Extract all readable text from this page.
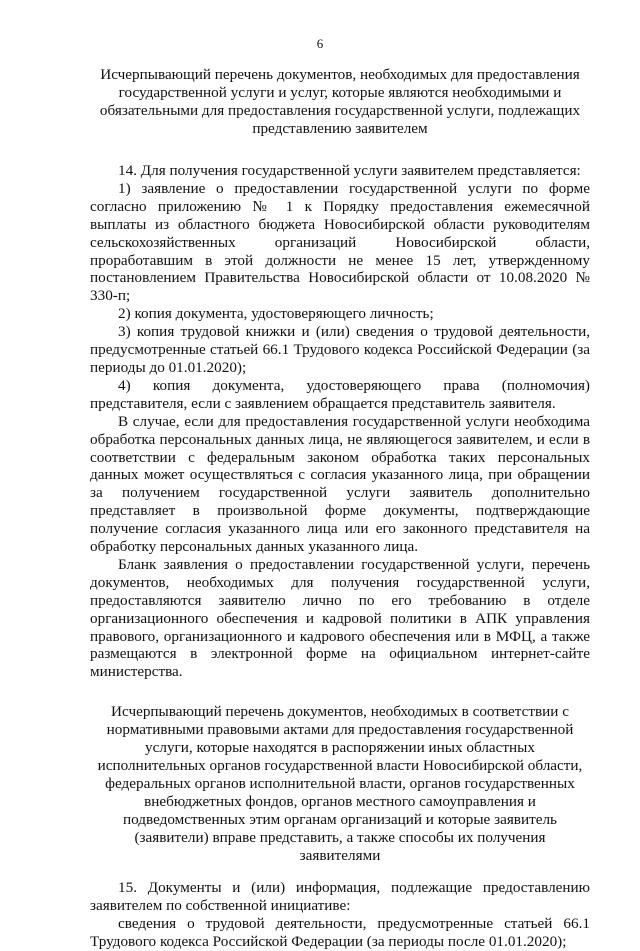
6

Исчерпывающий перечень документов, необходимых для предоставления государственной услуги и услуг, которые являются необходимыми и обязательными для предоставления государственной услуги, подлежащих представлению заявителем

14. Для получения государственной услуги заявителем представляется:

1) заявление о предоставлении государственной услуги по форме согласно приложению № 1 к Порядку предоставления ежемесячной выплаты из областного бюджета Новосибирской области руководителям сельскохозяйственных организаций Новосибирской области, проработавшим в этой должности не менее 15 лет, утвержденному постановлением Правительства Новосибирской области от 10.08.2020 № 330-п;

2) копия документа, удостоверяющего личность;

3) копия трудовой книжки и (или) сведения о трудовой деятельности, предусмотренные статьей 66.1 Трудового кодекса Российской Федерации (за периоды до 01.01.2020);

4) копия документа, удостоверяющего права (полномочия) представителя, если с заявлением обращается представитель заявителя.

В случае, если для предоставления государственной услуги необходима обработка персональных данных лица, не являющегося заявителем, и если в соответствии с федеральным законом обработка таких персональных данных может осуществляться с согласия указанного лица, при обращении за получением государственной услуги заявитель дополнительно представляет в произвольной форме документы, подтверждающие получение согласия указанного лица или его законного представителя на обработку персональных данных указанного лица.

Бланк заявления о предоставлении государственной услуги, перечень документов, необходимых для получения государственной услуги, предоставляются заявителю лично по его требованию в отделе организационного обеспечения и кадровой политики в АПК управления правового, организационного и кадрового обеспечения или в МФЦ, а также размещаются в электронной форме на официальном интернет-сайте министерства.

Исчерпывающий перечень документов, необходимых в соответствии с нормативными правовыми актами для предоставления государственной услуги, которые находятся в распоряжении иных областных исполнительных органов государственной власти Новосибирской области, федеральных органов исполнительной власти, органов государственных внебюджетных фондов, органов местного самоуправления и подведомственных этим органам организаций и которые заявитель (заявители) вправе представить, а также способы их получения заявителями

15. Документы и (или) информация, подлежащие предоставлению заявителем по собственной инициативе:

сведения о трудовой деятельности, предусмотренные статьей 66.1 Трудового кодекса Российской Федерации (за периоды после 01.01.2020);
